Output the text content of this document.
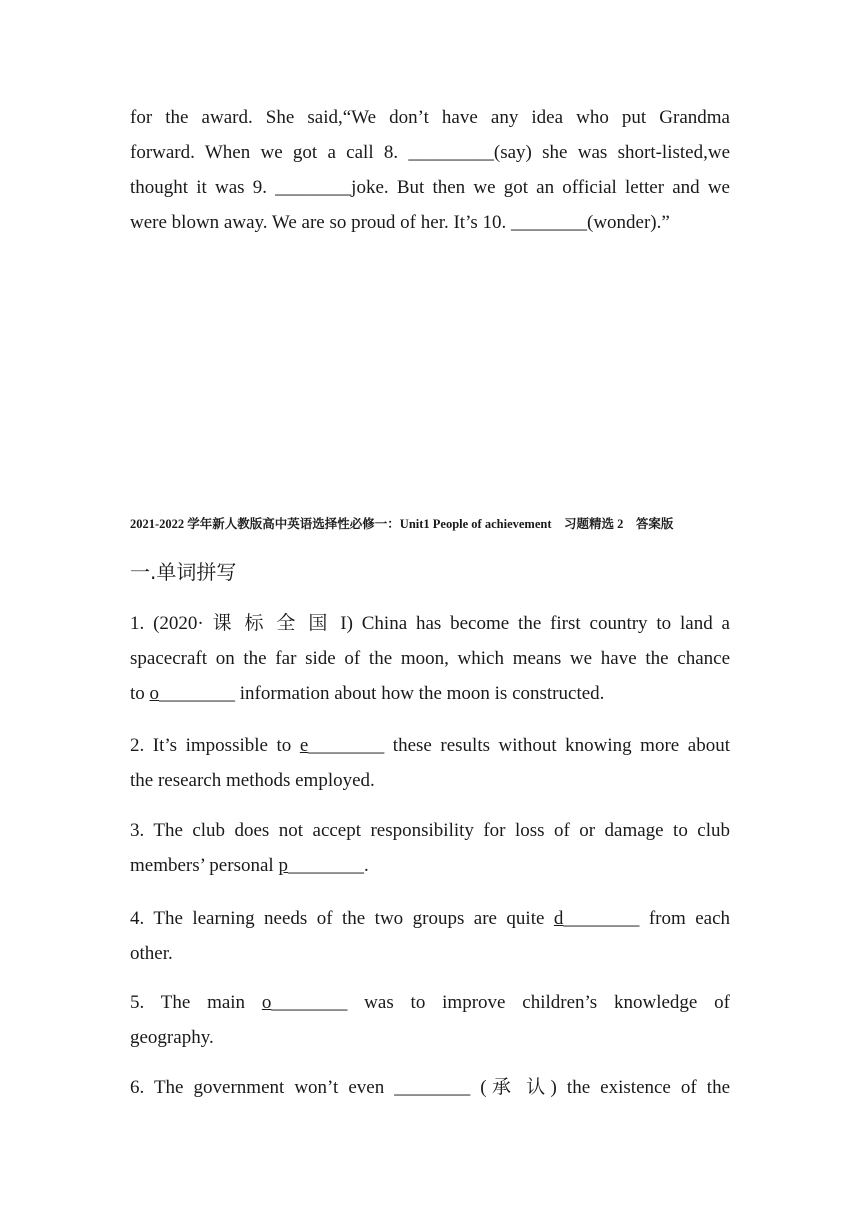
for the award. She said,“We don’t have any idea who put Grandma
forward. When we got a call 8. _________(say) she was short-listed,we
thought it was 9. ________joke. But then we got an official letter and we
were blown away. We are so proud of her. It’s 10. ________(wonder).”
2021-2022 学年新人教版高中英语选择性必修一：Unit1 People of achievement　习题精选 2　答案版
一.单词拼写
1. (2020· 课 标 全 国 I) China has become the first country to land a
spacecraft on the far side of the moon, which means we have the chance
to o________ information about how the moon is constructed.
2. It’s impossible to e________ these results without knowing more about
the research methods employed.
3. The club does not accept responsibility for loss of or damage to club
members’ personal p________.
4. The learning needs of the two groups are quite d________ from each
other.
5. The main o________ was to improve children’s knowledge of
geography.
6. The government won’t even ________ (承 认) the existence of the
